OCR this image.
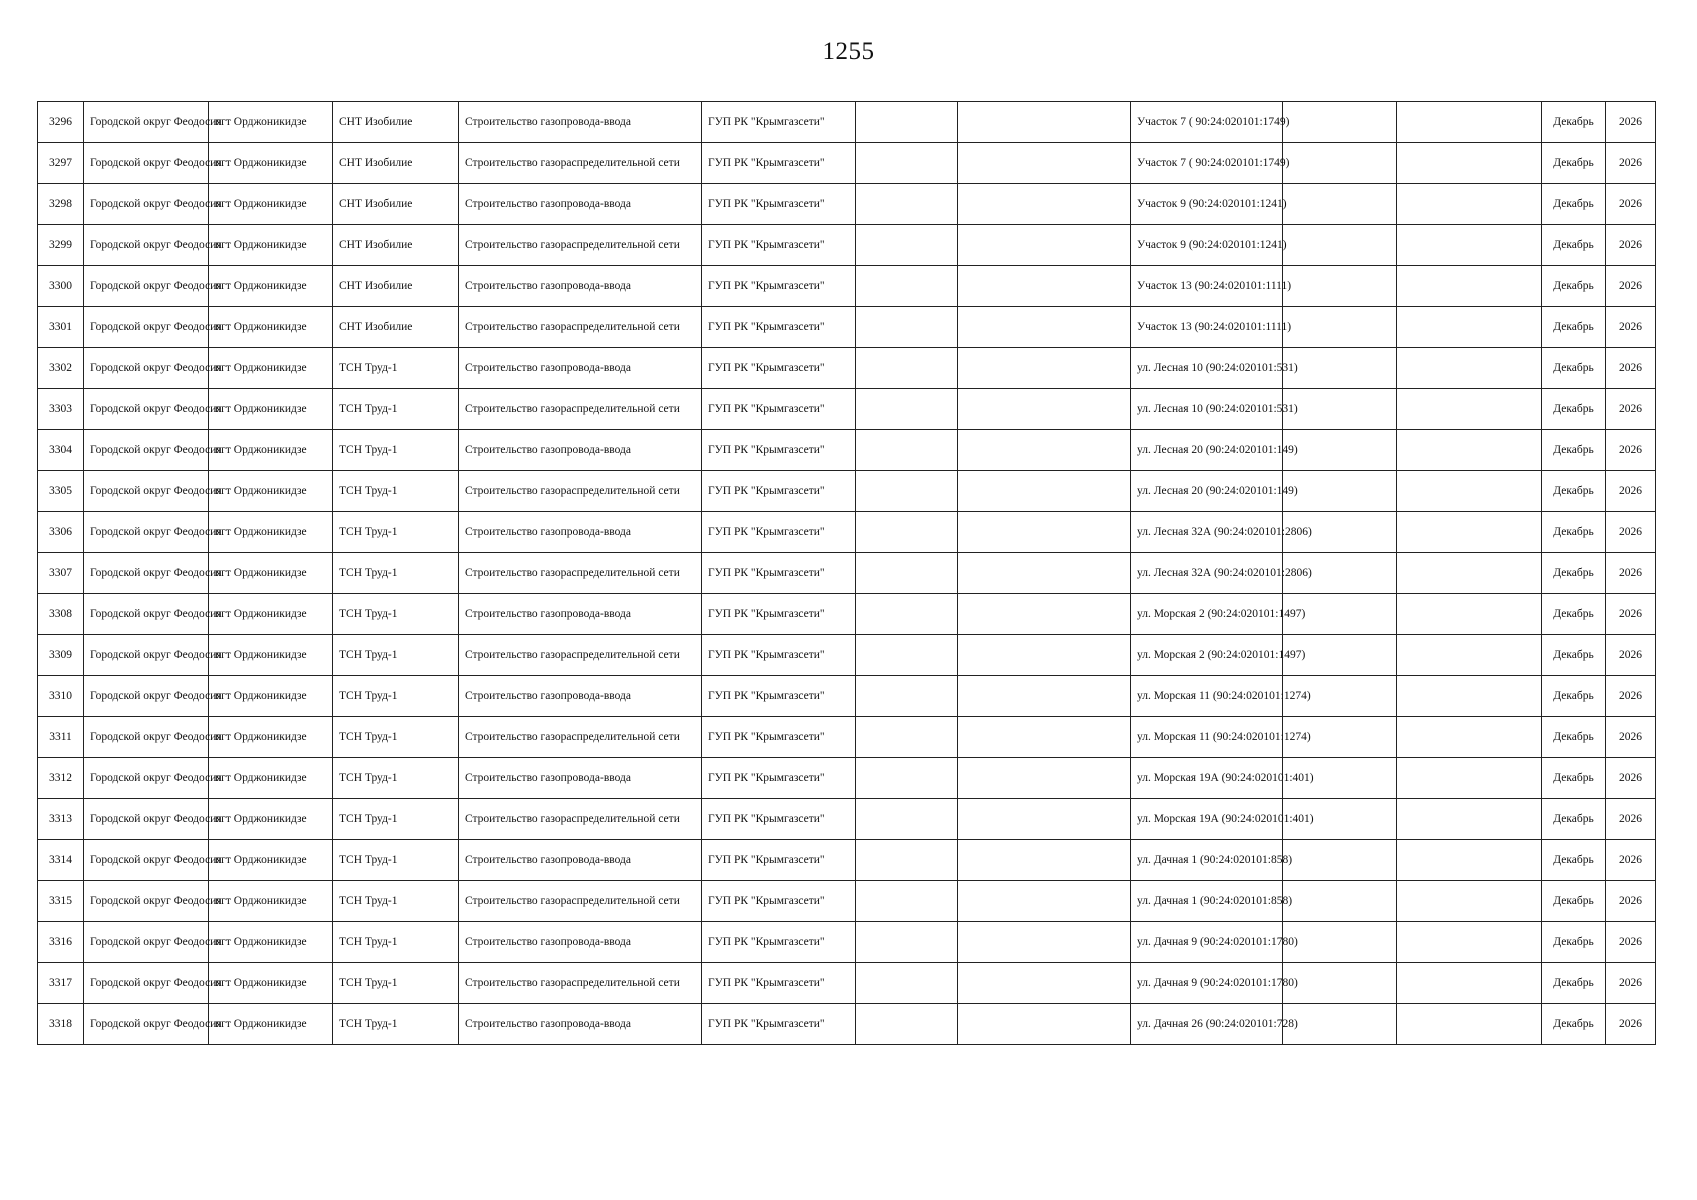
1255
3296	Городской округ Феодосия	пгт Орджоникидзе	СНТ Изобилие	Строительство газопровода-ввода	ГУП РК "Крымгазсети"			Участок 7 ( 90:24:020101:1749)			Декабрь	2026
3297	Городской округ Феодосия	пгт Орджоникидзе	СНТ Изобилие	Строительство газораспределительной сети	ГУП РК "Крымгазсети"			Участок 7 ( 90:24:020101:1749)			Декабрь	2026
3298	Городской округ Феодосия	пгт Орджоникидзе	СНТ Изобилие	Строительство газопровода-ввода	ГУП РК "Крымгазсети"			Участок 9 (90:24:020101:1241)			Декабрь	2026
3299	Городской округ Феодосия	пгт Орджоникидзе	СНТ Изобилие	Строительство газораспределительной сети	ГУП РК "Крымгазсети"			Участок 9 (90:24:020101:1241)			Декабрь	2026
3300	Городской округ Феодосия	пгт Орджоникидзе	СНТ Изобилие	Строительство газопровода-ввода	ГУП РК "Крымгазсети"			Участок 13 (90:24:020101:1111)			Декабрь	2026
3301	Городской округ Феодосия	пгт Орджоникидзе	СНТ Изобилие	Строительство газораспределительной сети	ГУП РК "Крымгазсети"			Участок 13 (90:24:020101:1111)			Декабрь	2026
3302	Городской округ Феодосия	пгт Орджоникидзе	ТСН Труд-1	Строительство газопровода-ввода	ГУП РК "Крымгазсети"			ул. Лесная 10 (90:24:020101:531)			Декабрь	2026
3303	Городской округ Феодосия	пгт Орджоникидзе	ТСН Труд-1	Строительство газораспределительной сети	ГУП РК "Крымгазсети"			ул. Лесная 10 (90:24:020101:531)			Декабрь	2026
3304	Городской округ Феодосия	пгт Орджоникидзе	ТСН Труд-1	Строительство газопровода-ввода	ГУП РК "Крымгазсети"			ул. Лесная 20 (90:24:020101:149)			Декабрь	2026
3305	Городской округ Феодосия	пгт Орджоникидзе	ТСН Труд-1	Строительство газораспределительной сети	ГУП РК "Крымгазсети"			ул. Лесная 20 (90:24:020101:149)			Декабрь	2026
3306	Городской округ Феодосия	пгт Орджоникидзе	ТСН Труд-1	Строительство газопровода-ввода	ГУП РК "Крымгазсети"			ул. Лесная 32А (90:24:020101:2806)			Декабрь	2026
3307	Городской округ Феодосия	пгт Орджоникидзе	ТСН Труд-1	Строительство газораспределительной сети	ГУП РК "Крымгазсети"			ул. Лесная 32А (90:24:020101:2806)			Декабрь	2026
3308	Городской округ Феодосия	пгт Орджоникидзе	ТСН Труд-1	Строительство газопровода-ввода	ГУП РК "Крымгазсети"			ул. Морская 2 (90:24:020101:1497)			Декабрь	2026
3309	Городской округ Феодосия	пгт Орджоникидзе	ТСН Труд-1	Строительство газораспределительной сети	ГУП РК "Крымгазсети"			ул. Морская 2 (90:24:020101:1497)			Декабрь	2026
3310	Городской округ Феодосия	пгт Орджоникидзе	ТСН Труд-1	Строительство газопровода-ввода	ГУП РК "Крымгазсети"			ул. Морская 11 (90:24:020101:1274)			Декабрь	2026
3311	Городской округ Феодосия	пгт Орджоникидзе	ТСН Труд-1	Строительство газораспределительной сети	ГУП РК "Крымгазсети"			ул. Морская 11 (90:24:020101:1274)			Декабрь	2026
3312	Городской округ Феодосия	пгт Орджоникидзе	ТСН Труд-1	Строительство газопровода-ввода	ГУП РК "Крымгазсети"			ул. Морская 19А (90:24:020101:401)			Декабрь	2026
3313	Городской округ Феодосия	пгт Орджоникидзе	ТСН Труд-1	Строительство газораспределительной сети	ГУП РК "Крымгазсети"			ул. Морская 19А (90:24:020101:401)			Декабрь	2026
3314	Городской округ Феодосия	пгт Орджоникидзе	ТСН Труд-1	Строительство газопровода-ввода	ГУП РК "Крымгазсети"			ул. Дачная 1 (90:24:020101:858)			Декабрь	2026
3315	Городской округ Феодосия	пгт Орджоникидзе	ТСН Труд-1	Строительство газораспределительной сети	ГУП РК "Крымгазсети"			ул. Дачная 1 (90:24:020101:858)			Декабрь	2026
3316	Городской округ Феодосия	пгт Орджоникидзе	ТСН Труд-1	Строительство газопровода-ввода	ГУП РК "Крымгазсети"			ул. Дачная 9 (90:24:020101:1780)			Декабрь	2026
3317	Городской округ Феодосия	пгт Орджоникидзе	ТСН Труд-1	Строительство газораспределительной сети	ГУП РК "Крымгазсети"			ул. Дачная 9 (90:24:020101:1780)			Декабрь	2026
3318	Городской округ Феодосия	пгт Орджоникидзе	ТСН Труд-1	Строительство газопровода-ввода	ГУП РК "Крымгазсети"			ул. Дачная 26 (90:24:020101:728)			Декабрь	2026
